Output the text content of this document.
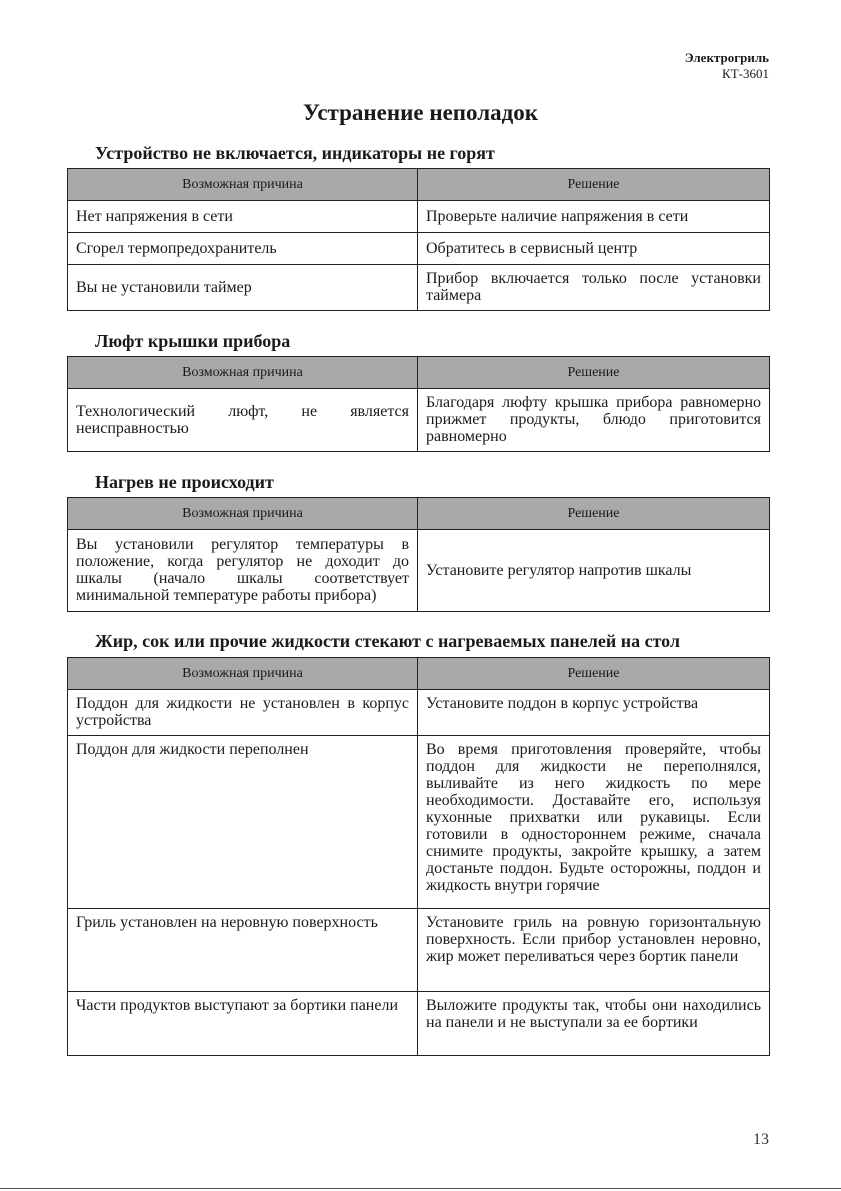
Электрогриль
КТ-3601
Устранение неполадок
Устройство не включается, индикаторы не горят
Возможная причина	Решение
Нет напряжения в сети	Проверьте наличие напряжения в сети
Сгорел термопредохранитель	Обратитесь в сервисный центр
Вы не установили таймер	Прибор включается только после установки таймера
Люфт крышки прибора
Возможная причина	Решение
Технологический люфт, не является неисправностью	Благодаря люфту крышка прибора равномерно прижмет продукты, блюдо приготовится равномерно
Нагрев не происходит
Возможная причина	Решение
Вы установили регулятор температуры в положение, когда регулятор не доходит до шкалы (начало шкалы соответствует минимальной температуре работы прибора)	Установите регулятор напротив шкалы
Жир, сок или прочие жидкости стекают с нагреваемых панелей на стол
Возможная причина	Решение
Поддон для жидкости не установлен в корпус устройства	Установите поддон в корпус устройства
Поддон для жидкости переполнен	Во время приготовления проверяйте, чтобы поддон для жидкости не переполнялся, выливайте из него жидкость по мере необходимости. Доставайте его, используя кухонные прихватки или рукавицы. Если готовили в одностороннем режиме, сначала снимите продукты, закройте крышку, а затем достаньте поддон. Будьте осторожны, поддон и жидкость внутри горячие
Гриль установлен на неровную поверхность	Установите гриль на ровную горизонтальную поверхность. Если прибор установлен неровно, жир может переливаться через бортик панели
Части продуктов выступают за бортики панели	Выложите продукты так, чтобы они находились на панели и не выступали за ее бортики
13
